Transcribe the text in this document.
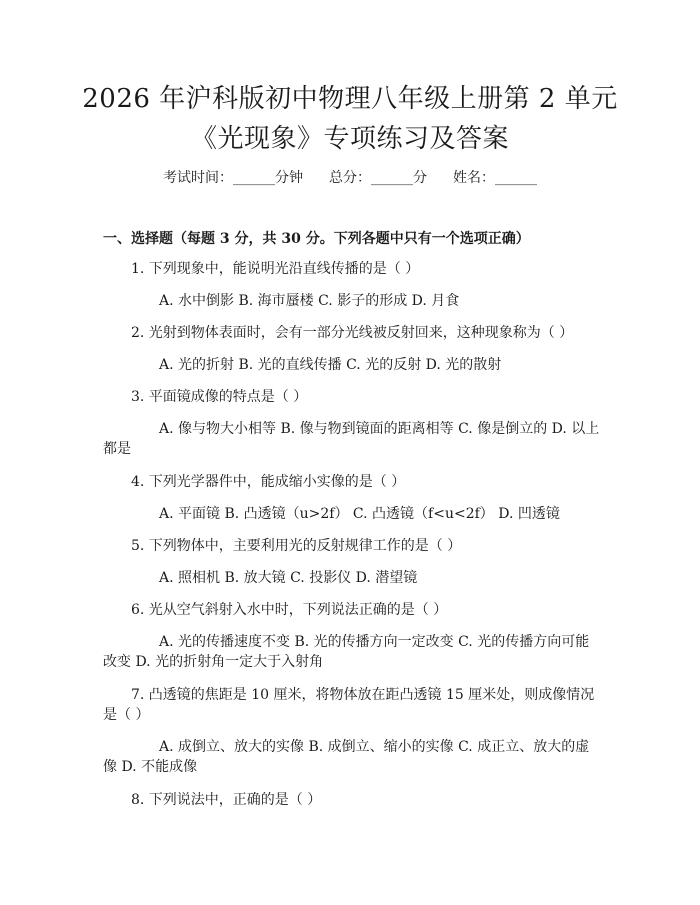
2026 年沪科版初中物理八年级上册第 2 单元
《光现象》专项练习及答案
考试时间：______分钟 总分：______分 姓名：______
一、选择题（每题 3 分，共 30 分。下列各题中只有一个选项正确）
1. 下列现象中，能说明光沿直线传播的是（ ）
A. 水中倒影 B. 海市蜃楼 C. 影子的形成 D. 月食
2. 光射到物体表面时，会有一部分光线被反射回来，这种现象称为（ ）
A. 光的折射 B. 光的直线传播 C. 光的反射 D. 光的散射
3. 平面镜成像的特点是（ ）
A. 像与物大小相等 B. 像与物到镜面的距离相等 C. 像是倒立的 D. 以上都是
4. 下列光学器件中，能成缩小实像的是（ ）
A. 平面镜 B. 凸透镜（u>2f） C. 凸透镜（f<u<2f） D. 凹透镜
5. 下列物体中，主要利用光的反射规律工作的是（ ）
A. 照相机 B. 放大镜 C. 投影仪 D. 潜望镜
6. 光从空气斜射入水中时，下列说法正确的是（ ）
A. 光的传播速度不变 B. 光的传播方向一定改变 C. 光的传播方向可能改变 D. 光的折射角一定大于入射角
7. 凸透镜的焦距是 10 厘米，将物体放在距凸透镜 15 厘米处，则成像情况是（ ）
A. 成倒立、放大的实像 B. 成倒立、缩小的实像 C. 成正立、放大的虚像 D. 不能成像
8. 下列说法中，正确的是（ ）
